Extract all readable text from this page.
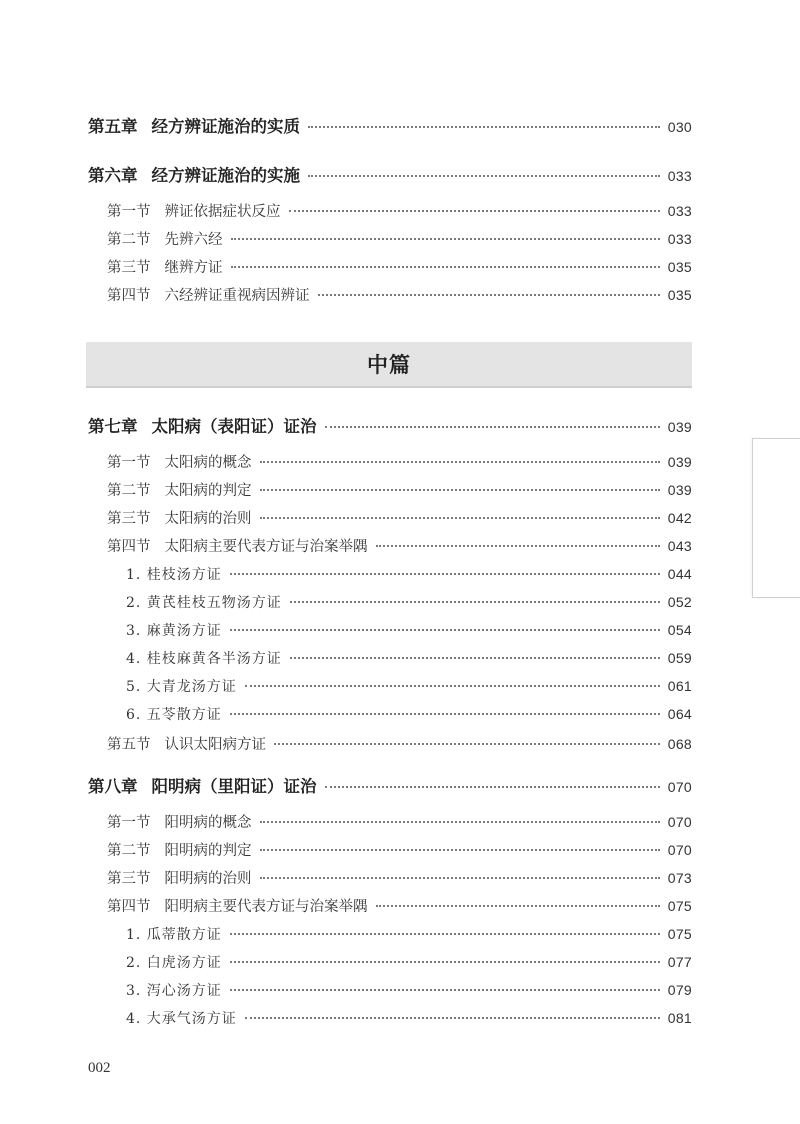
第五章 经方辨证施治的实质	030
第六章 经方辨证施治的实施	033
第一节 辨证依据症状反应	033
第二节 先辨六经	033
第三节 继辨方证	035
第四节 六经辨证重视病因辨证	035
中篇
第七章 太阳病（表阳证）证治	039
第一节 太阳病的概念	039
第二节 太阳病的判定	039
第三节 太阳病的治则	042
第四节 太阳病主要代表方证与治案举隅	043
1. 桂枝汤方证	044
2. 黄芪桂枝五物汤方证	052
3. 麻黄汤方证	054
4. 桂枝麻黄各半汤方证	059
5. 大青龙汤方证	061
6. 五苓散方证	064
第五节 认识太阳病方证	068
第八章 阳明病（里阳证）证治	070
第一节 阳明病的概念	070
第二节 阳明病的判定	070
第三节 阳明病的治则	073
第四节 阳明病主要代表方证与治案举隅	075
1. 瓜蒂散方证	075
2. 白虎汤方证	077
3. 泻心汤方证	079
4. 大承气汤方证	081
002
